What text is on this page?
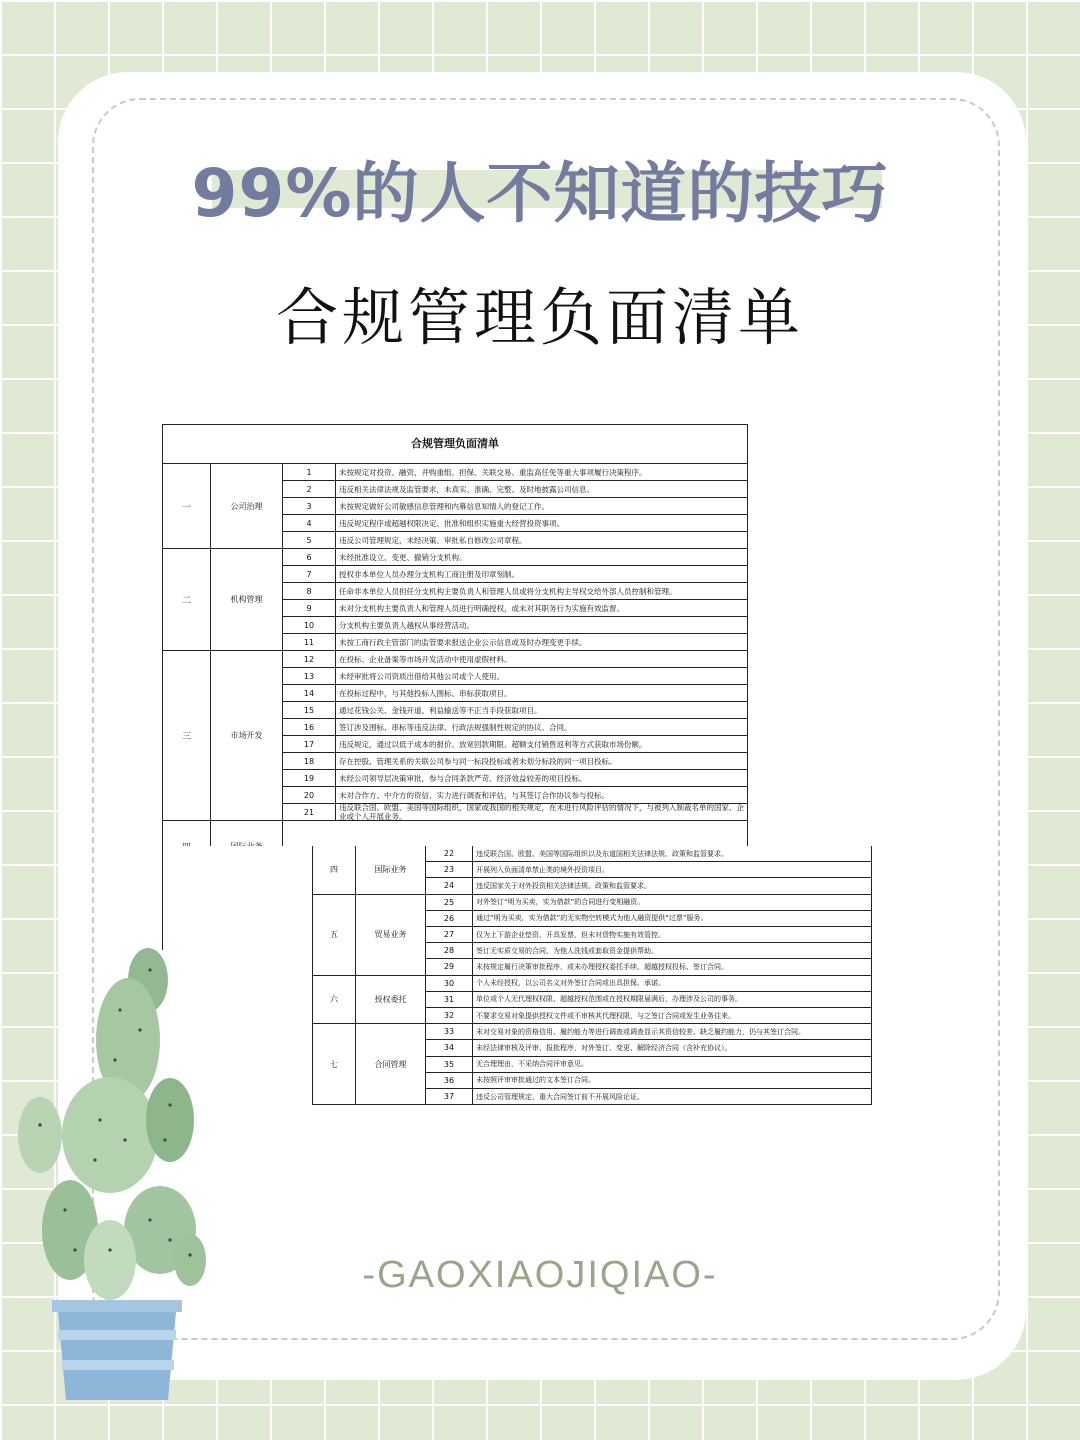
99%的人不知道的技巧
合规管理负面清单
合规管理负面清单
一	公司治理
1	未按规定对投资、融资、并购重组、担保、关联交易、重监高任免等重大事项履行决策程序。
2	违反相关法律法规及监管要求，未真实、准确、完整、及时地披露公司信息。
3	未按规定做好公司敏感信息管理和内幕信息知情人的登记工作。
4	违反规定程序或超越权限决定、批准和组织实施重大经营投资事项。
5	违反公司管理规定，未经决策、审批私自修改公司章程。
二	机构管理
6	未经批准设立、变更、撤销分支机构。
7	授权非本单位人员办理分支机构工商注册及印章刻制。
8	任命非本单位人员担任分支机构主要负责人和管理人员或将分支机构主导权交给外部人员控制和管理。
9	未对分支机构主要负责人和管理人员进行明确授权，或未对其职务行为实施有效监督。
10	分支机构主要负责人越权从事经营活动。
11	未按工商行政主管部门的监管要求报送企业公示信息或及时办理变更手续。
三	市场开发
12	在投标、企业备案等市场开发活动中使用虚假材料。
13	未经审批将公司资质出借给其他公司或个人使用。
14	在投标过程中，与其他投标人围标、串标获取项目。
15	通过花钱公关、金钱开道、利益输送等不正当手段获取项目。
16	签订涉及围标、串标等违反法律、行政法规强制性规定的协议、合同。
17	违反规定，通过以低于成本的报价、放宽回款期限、超额支付销售返利等方式获取市场份额。
18	存在控股、管理关系的关联公司参与同一标段投标或者未划分标段的同一项目投标。
19	未经公司领导层决策审批，参与合同条款严苛、经济效益较差的项目投标。
20	未对合作方、中介方的资信、实力进行调查和评估，与其签订合作协议参与投标。
21	违反联合国、欧盟、美国等国际组织，国家或我国的相关规定，在未进行风险评估的情况下，与被列入制裁名单的国家、企业或个人开展业务。
四	国际业务
22	违反联合国、欧盟、美国等国际组织以及东道国相关法律法规、政策和监管要求。
23	开展列入负面清单禁止类的境外投资项目。
24	违反国家关于对外投资相关法律法规、政策和监管要求。
五	贸易业务
25	对外签订“明为买卖，实为借款”的合同进行变相融资。
26	通过“明为买卖，实为借款”的无实物空转模式为他人融资提供“过票”服务。
27	仅为上下游企业垫资、开具发票，但未对货物实施有效管控。
28	签订无实质交易的合同，为他人洗钱或套取资金提供帮助。
29	未按规定履行决策审批程序，或未办理授权委托手续、超越授权投标、签订合同。
六	授权委托
30	个人未经授权，以公司名义对外签订合同或出具担保、承诺。
31	单位或个人无代理权权限、超越授权范围或在授权期限届满后，办理涉及公司的事务。
32	不要求交易对象提供授权文件或不审核其代理权限，与之签订合同或发生业务往来。
七	合同管理
33	未对交易对象的资格信用、履约能力等进行调查或调查显示其资信较差、缺乏履约能力，仍与其签订合同。
34	未经法律审核及评审、报批程序，对外签订、变更、解除经济合同（含补充协议）。
35	无合理理由，不采纳合同评审意见。
36	未按照评审审批通过的文本签订合同。
37	违反公司管理规定，重大合同签订前不开展风险论证。
-GAOXIAOJIQIAO-
